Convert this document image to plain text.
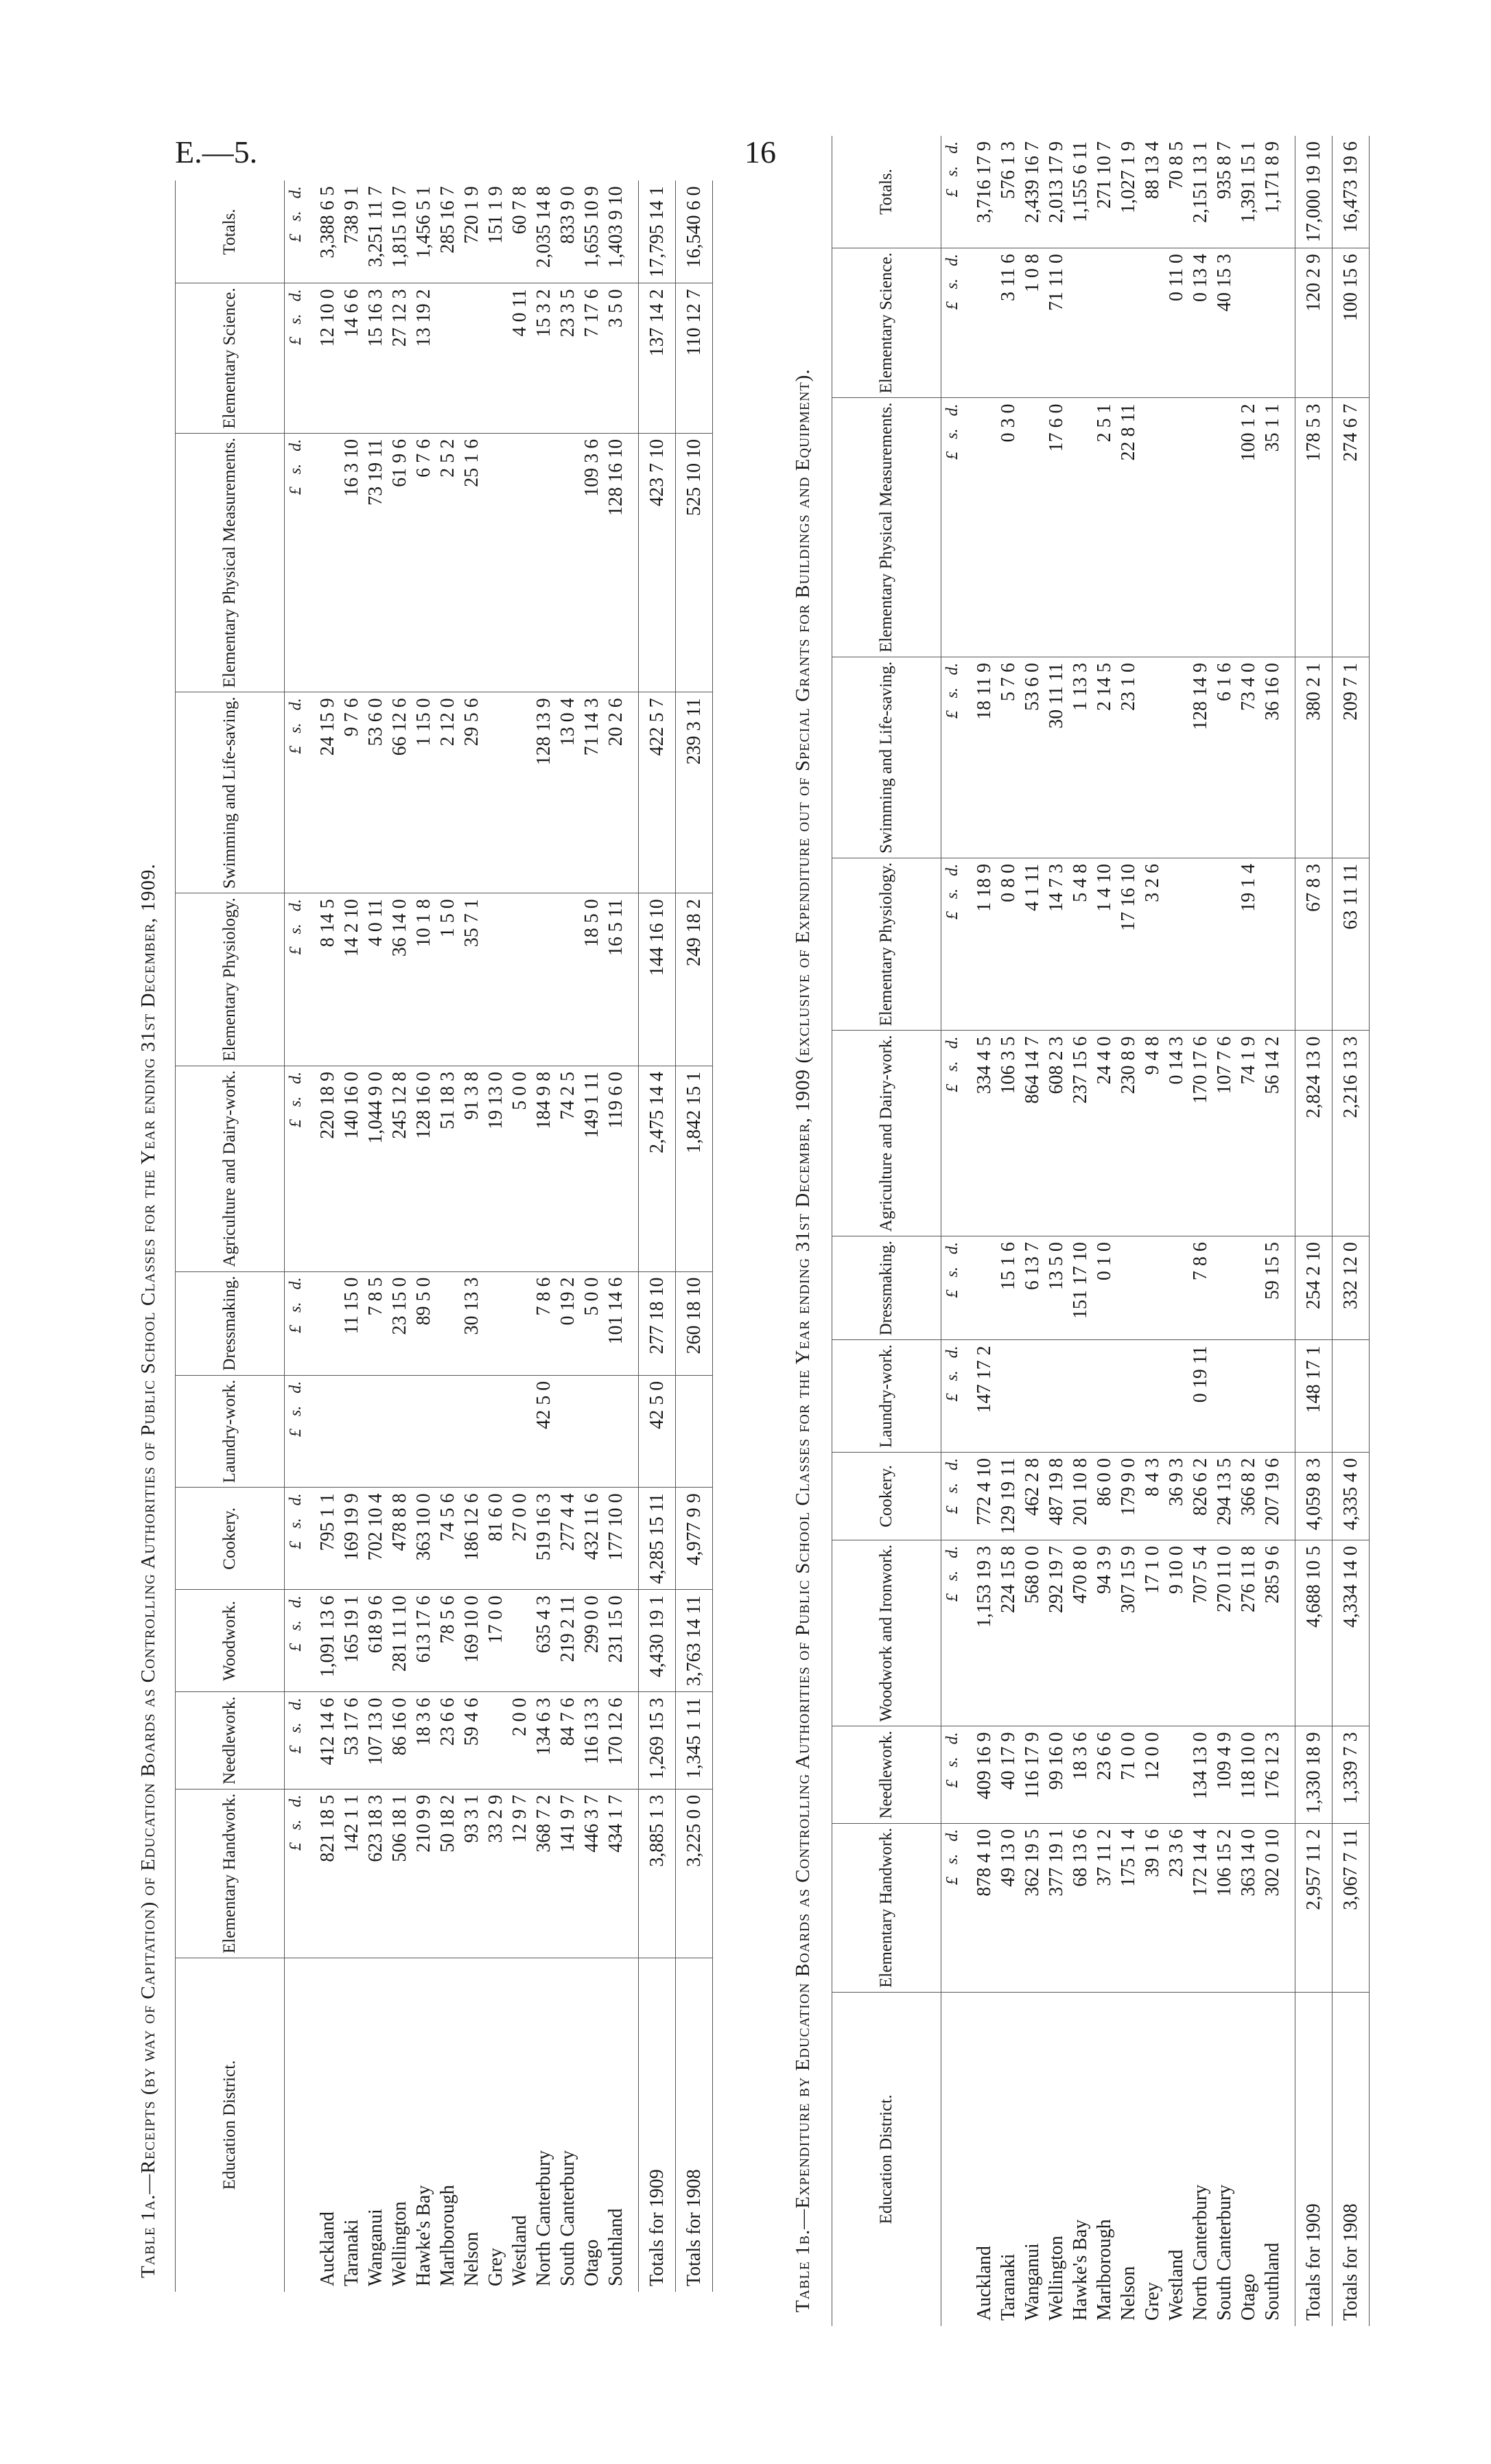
E.—5.	16
Table 1a.—Receipts (by way of Capitation) of Education Boards as Controlling Authorities of Public School Classes for the Year ending 31st December, 1909.	Education District.	Elementary Handwork.	Needlework.	Woodwork.	Cookery.	Laundry-work.	Dressmaking.	Agriculture and Dairy-work.	Elementary Physiology.	Swimming and Life-saving.	Elementary Physical Measurements.	Elementary Science.	Totals.
	£   s.   d.	£   s.   d.	£   s.   d.	£   s.   d.	£   s.   d.	£   s.   d.	£   s.   d.	£   s.   d.	£   s.   d.	£   s.   d.	£   s.   d.	£   s.   d.
Auckland	821 18 5	412 14 6	1,091 13 6	795 1 1			220 18 9	8 14 5	24 15 9		12 10 0	3,388 6 5
Taranaki	142 1 1	53 17 6	165 19 1	169 19 9		11 15 0	140 16 0	14 2 10	9 7 6	16 3 10	14 6 6	738 9 1
Wanganui	623 18 3	107 13 0	618 9 6	702 10 4		7 8 5	1,044 9 0	4 0 11	53 6 0	73 19 11	15 16 3	3,251 11 7
Wellington	506 18 1	86 16 0	281 11 10	478 8 8		23 15 0	245 12 8	36 14 0	66 12 6	61 9 6	27 12 3	1,815 10 7
Hawke's Bay	210 9 9	18 3 6	613 17 6	363 10 0		89 5 0	128 16 0	10 1 8	1 15 0	6 7 6	13 19 2	1,456 5 1
Marlborough	50 18 2	23 6 6	78 5 6	74 5 6			51 18 3	1 5 0	2 12 0	2 5 2		285 16 7
Nelson	93 3 1	59 4 6	169 10 0	186 12 6		30 13 3	91 3 8	35 7 1	29 5 6	25 1 6		720 1 9
Grey	33 2 9		17 0 0	81 6 0			19 13 0					151 1 9
Westland	12 9 7	2 0 0		27 0 0			5 0 0				4 0 11	60 7 8
North Canterbury	368 7 2	134 6 3	635 4 3	519 16 3	42 5 0	7 8 6	184 9 8		128 13 9		15 3 2	2,035 14 8
South Canterbury	141 9 7	84 7 6	219 2 11	277 4 4		0 19 2	74 2 5		13 0 4		23 3 5	833 9 0
Otago	446 3 7	116 13 3	299 0 0	432 11 6		5 0 0	149 1 11	18 5 0	71 14 3	109 3 6	7 17 6	1,655 10 9
Southland	434 1 7	170 12 6	231 15 0	177 10 0		101 14 6	119 6 0	16 5 11	20 2 6	128 16 10	3 5 0	1,403 9 10
Totals for 1909	3,885 1 3	1,269 15 3	4,430 19 1	4,285 15 11	42 5 0	277 18 10	2,475 14 4	144 16 10	422 5 7	423 7 10	137 14 2	17,795 14 1
Totals for 1908	3,225 0 0	1,345 1 11	3,763 14 11	4,977 9 9		260 18 10	1,842 15 1	249 18 2	239 3 11	525 10 10	110 12 7	16,540 6 0
Table 1b.—Expenditure by Education Boards as Controlling Authorities of Public School Classes for the Year ending 31st December, 1909 (exclusive of Expenditure out of Special Grants for Buildings and Equipment).	Education District.	Elementary Handwork.	Needlework.	Woodwork and Ironwork.	Cookery.	Laundry-work.	Dressmaking.	Agriculture and Dairy-work.	Elementary Physiology.	Swimming and Life-saving.	Elementary Physical Measurements.	Elementary Science.	Totals.
	£   s.   d.	£   s.   d.	£   s.   d.	£   s.   d.	£   s.   d.	£   s.   d.	£   s.   d.	£   s.   d.	£   s.   d.	£   s.   d.	£   s.   d.	£   s.   d.
Auckland	878 4 10	409 16 9	1,153 19 3	772 4 10	147 17 2		334 4 5	1 18 9	18 11 9			3,716 17 9
Taranaki	49 13 0	40 17 9	224 15 8	129 19 11		15 1 6	106 3 5	0 8 0	5 7 6	0 3 0	3 11 6	576 1 3
Wanganui	362 19 5	116 17 9	568 0 0	462 2 8		6 13 7	864 14 7	4 1 11	53 6 0		1 0 8	2,439 16 7
Wellington	377 19 1	99 16 0	292 19 7	487 19 8		13 5 0	608 2 3	14 7 3	30 11 11	17 6 0	71 11 0	2,013 17 9
Hawke's Bay	68 13 6	18 3 6	470 8 0	201 10 8		151 17 10	237 15 6	5 4 8	1 13 3			1,155 6 11
Marlborough	37 11 2	23 6 6	94 3 9	86 0 0		0 1 0	24 4 0	1 4 10	2 14 5	2 5 1		271 10 7
Nelson	175 1 4	71 0 0	307 15 9	179 9 0			230 8 9	17 16 10	23 1 0	22 8 11		1,027 1 9
Grey	39 1 6	12 0 0	17 1 0	8 4 3			9 4 8	3 2 6				88 13 4
Westland	23 3 6		9 10 0	36 9 3			0 14 3				0 11 0	70 8 5
North Canterbury	172 14 4	134 13 0	707 5 4	826 6 2	0 19 11	7 8 6	170 17 6		128 14 9		0 13 4	2,151 13 1
South Canterbury	106 15 2	109 4 9	270 11 0	294 13 5			107 7 6		6 1 6		40 15 3	935 8 7
Otago	363 14 0	118 10 0	276 11 8	366 8 2			74 1 9	19 1 4	73 4 0	100 1 2		1,391 15 1
Southland	302 0 10	176 12 3	285 9 6	207 19 6		59 15 5	56 14 2		36 16 0	35 1 1		1,171 8 9
Totals for 1909	2,957 11 2	1,330 18 9	4,688 10 5	4,059 8 3	148 17 1	254 2 10	2,824 13 0	67 8 3	380 2 1	178 5 3	120 2 9	17,000 19 10
Totals for 1908	3,067 7 11	1,339 7 3	4,334 14 0	4,335 4 0		332 12 0	2,216 13 3	63 11 11	209 7 1	274 6 7	100 15 6	16,473 19 6
